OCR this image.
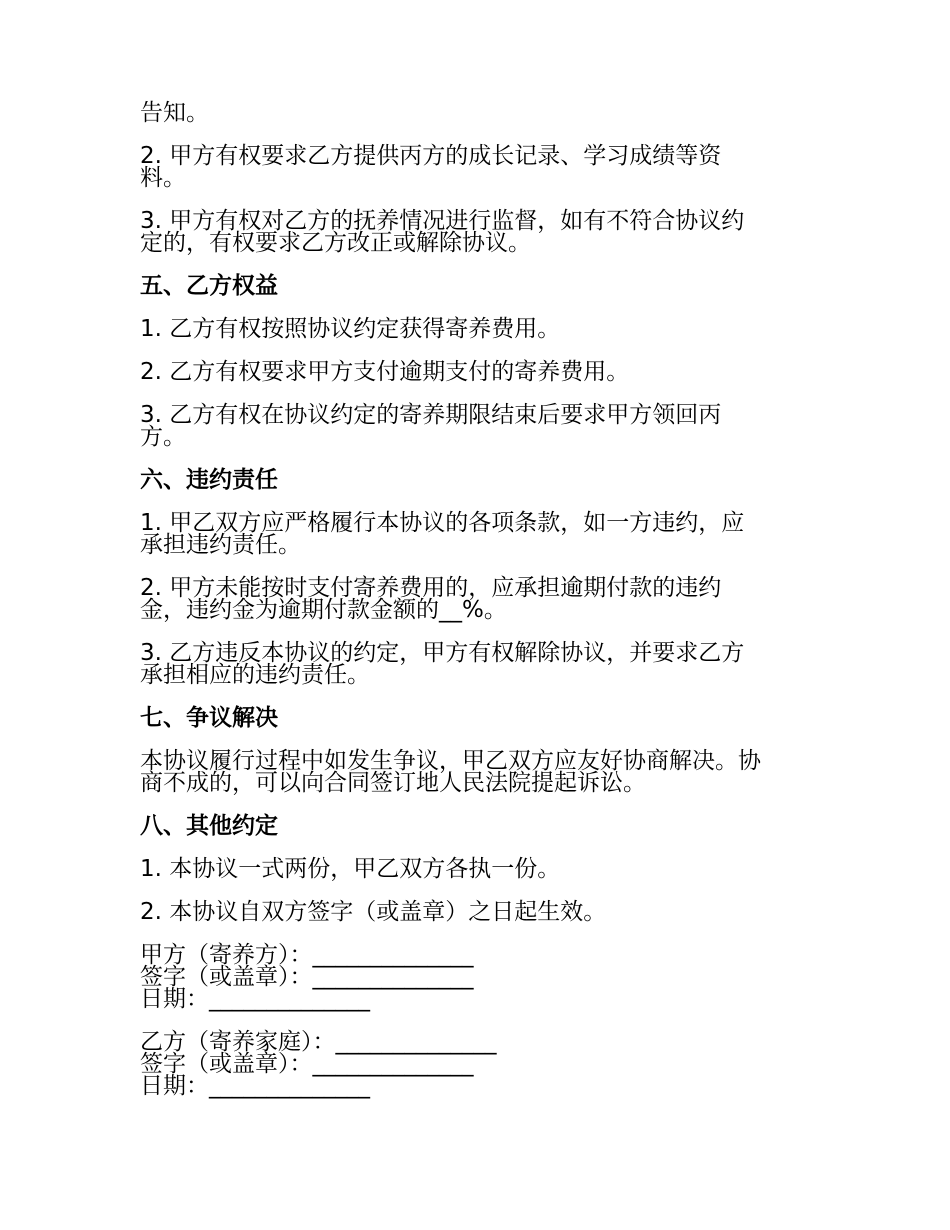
告知。

2. 甲方有权要求乙方提供丙方的成长记录、学习成绩等资
料。

3. 甲方有权对乙方的抚养情况进行监督，如有不符合协议约
定的，有权要求乙方改正或解除协议。

五、乙方权益

1. 乙方有权按照协议约定获得寄养费用。

2. 乙方有权要求甲方支付逾期支付的寄养费用。

3. 乙方有权在协议约定的寄养期限结束后要求甲方领回丙
方。

六、违约责任

1. 甲乙双方应严格履行本协议的各项条款，如一方违约，应
承担违约责任。

2. 甲方未能按时支付寄养费用的，应承担逾期付款的违约
金，违约金为逾期付款金额的__%。

3. 乙方违反本协议的约定，甲方有权解除协议，并要求乙方
承担相应的违约责任。

七、争议解决

本协议履行过程中如发生争议，甲乙双方应友好协商解决。协
商不成的，可以向合同签订地人民法院提起诉讼。

八、其他约定

1. 本协议一式两份，甲乙双方各执一份。

2. 本协议自双方签字（或盖章）之日起生效。

甲方（寄养方）：______________
签字（或盖章）：______________
日期：______________
乙方（寄养家庭）：______________
签字（或盖章）：______________
日期：______________
